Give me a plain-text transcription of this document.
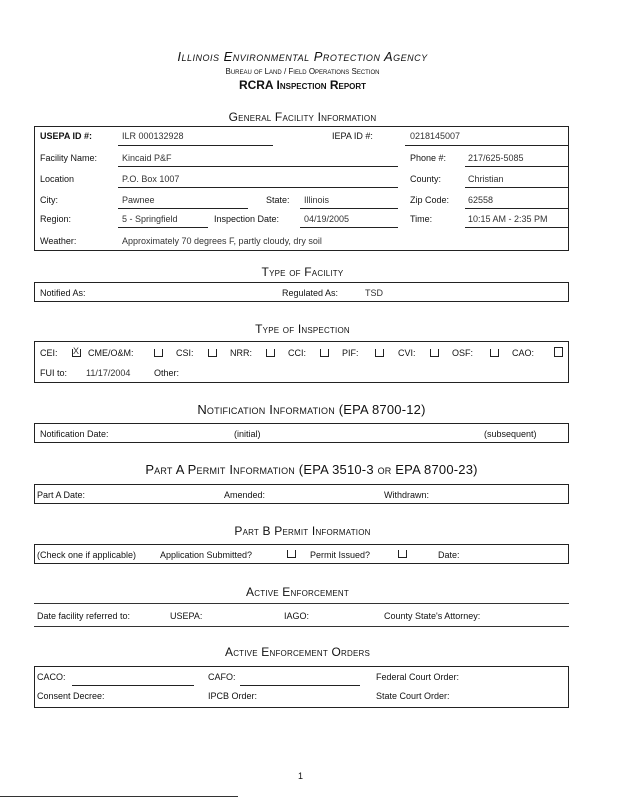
Illinois Environmental Protection Agency
Bureau of Land / Field Operations Section
RCRA Inspection Report
General Facility Information
USEPA ID #:	ILR 000132928	IEPA ID #:	0218145007
Facility Name:	Kincaid P&F	Phone #: 217/625-5085
Location	P.O. Box 1007	County:	Christian
City:	Pawnee	State: Illinois	Zip Code: 62558
Region:	5 - Springfield	Inspection Date:	04/19/2005	Time:	10:15 AM - 2:35 PM
Weather:	Approximately 70 degrees F, partly cloudy, dry soil
Type of Facility
Notified As:	Regulated As:	TSD
Type of Inspection
CEI: X CME/O&M:	CSI:	NRR:	CCI:	PIF:	CVI:	OSF:	CAO:
FUI to: 11/17/2004	Other:
Notification Information (EPA 8700-12)
Notification Date:	(initial)	(subsequent)
Part A Permit Information (EPA 3510-3 or EPA 8700-23)
Part A Date:	Amended:	Withdrawn:
Part B Permit Information
(Check one if applicable)	Application Submitted?	Permit Issued?	Date:
Active Enforcement
Date facility referred to:	USEPA:	IAGO:	County State's Attorney:
Active Enforcement Orders
CACO:	CAFO:	Federal Court Order:
Consent Decree:	IPCB Order:	State Court Order:
1
